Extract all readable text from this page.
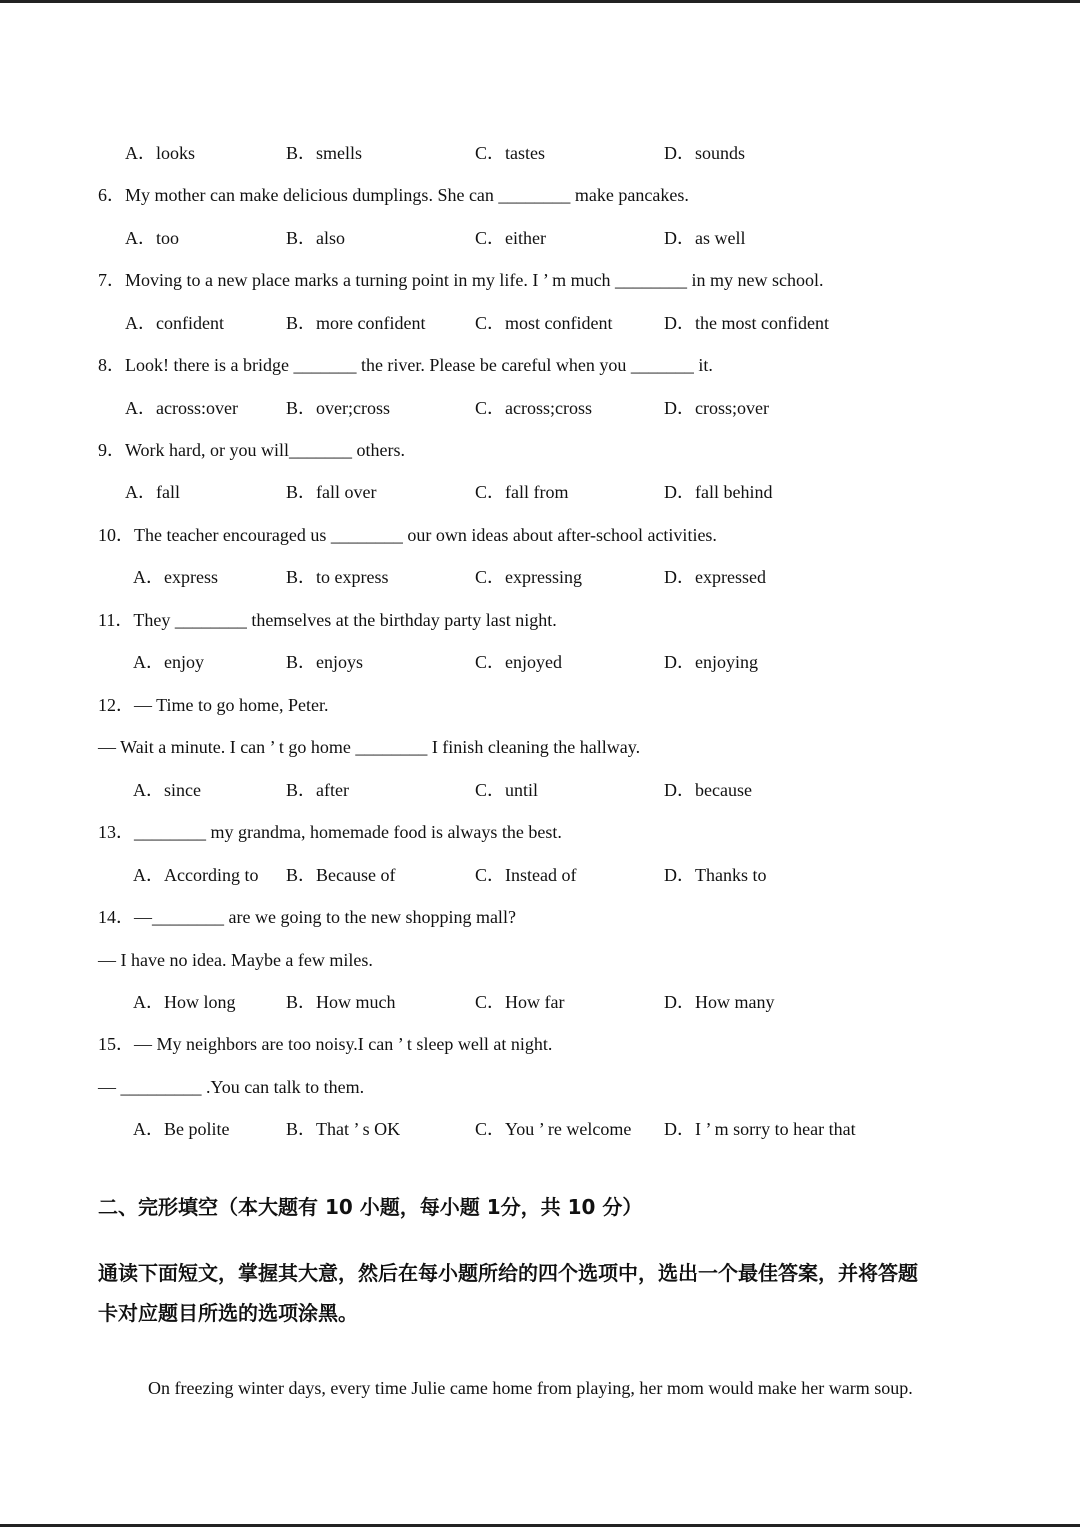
A．looks	B．smells	C．tastes	D．sounds
6．My mother can make delicious dumplings. She can ________ make pancakes.
A．too	B．also	C．either	D．as well
7．Moving to a new place marks a turning point in my life. I ’ m much ________ in my new school.
A．confident	B．more confident	C．most confident	D．the most confident
8．Look! there is a bridge _______ the river. Please be careful when you _______ it.
A．across:over	B．over;cross	C．across;cross	D．cross;over
9．Work hard, or you will_______ others.
A．fall	B．fall over	C．fall from	D．fall behind
10．The teacher encouraged us ________ our own ideas about after-school activities.
A．express	B．to express	C．expressing	D．expressed
11．They ________ themselves at the birthday party last night.
A．enjoy	B．enjoys	C．enjoyed	D．enjoying
12．— Time to go home, Peter.
— Wait a minute. I can ’ t go home ________ I finish cleaning the hallway.
A．since	B．after	C．until	D．because
13．________ my grandma, homemade food is always the best.
A．According to B．Because of	C．Instead of	D．Thanks to
14．—________ are we going to the new shopping mall?
— I have no idea. Maybe a few miles.
A．How long	B．How much	C．How far	D．How many
15．— My neighbors are too noisy.I can ’ t sleep well at night.
— _________ .You can talk to them.
A．Be polite	B．That ’ s OK	C．You ’ re welcome D．I ’ m sorry to hear that
二、完形填空（本大题有 10 小题，每小题 1分，共 10 分）
通读下面短文，掌握其大意，然后在每小题所给的四个选项中，选出一个最佳答案，并将答题
卡对应题目所选的选项涂黑。
On freezing winter days, every time Julie came home from playing, her mom would make her warm soup.
